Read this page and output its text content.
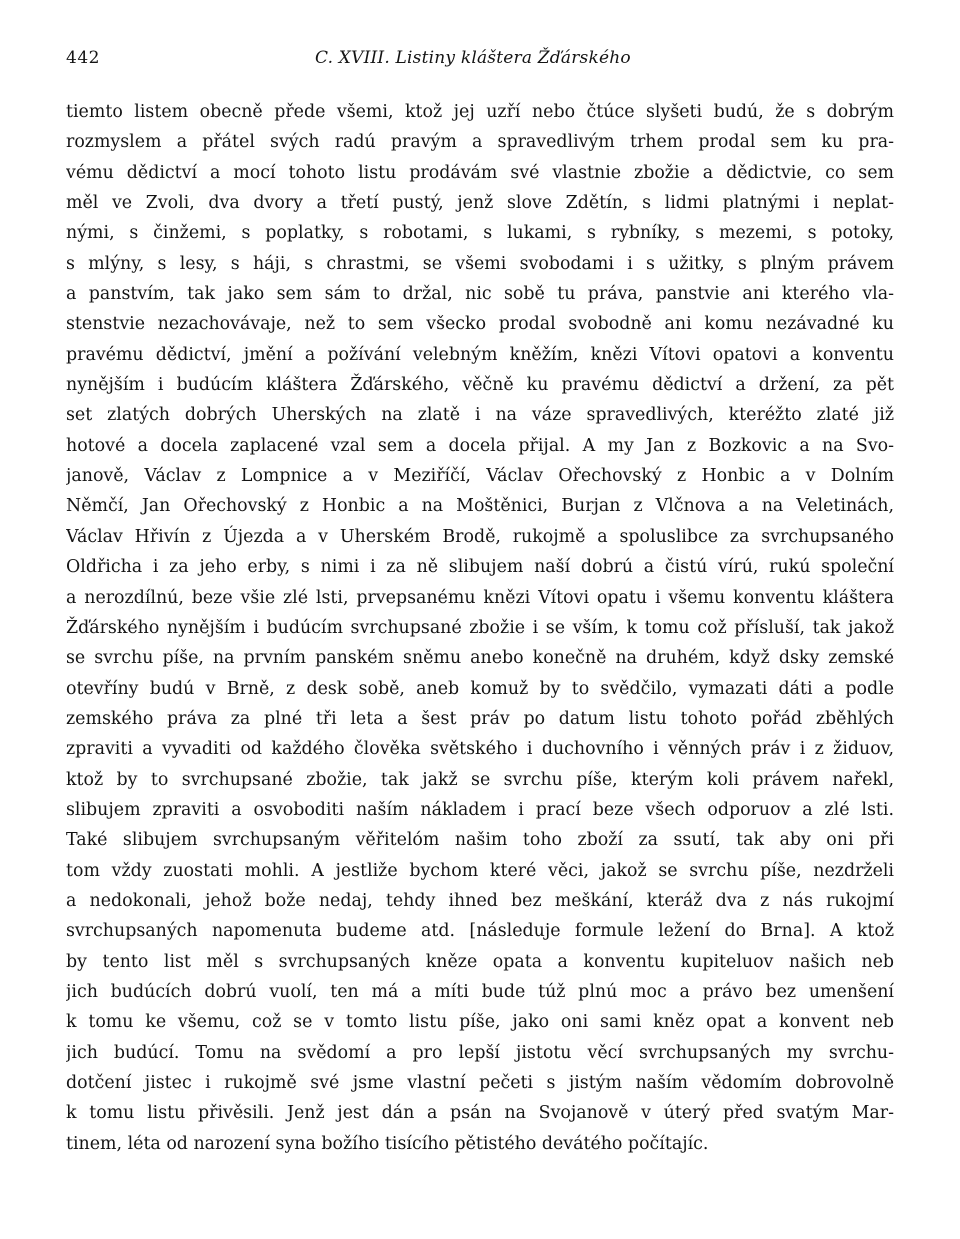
442	C. XVIII. Listiny kláštera Žďárského
tiemto listem obecně přede všemi, ktož jej uzří nebo čtúce slyšeti budú, že s dobrým
rozmyslem a přátel svých radú pravým a spravedlivým trhem prodal sem ku pra-
vému dědictví a mocí tohoto listu prodávám své vlastnie zbožie a dědictvie, co sem
měl ve Zvoli, dva dvory a třetí pustý, jenž slove Zdětín, s lidmi platnými i neplat-
nými, s činžemi, s poplatky, s robotami, s lukami, s rybníky, s mezemi, s potoky,
s mlýny, s lesy, s háji, s chrastmi, se všemi svobodami i s užitky, s plným právem
a panstvím, tak jako sem sám to držal, nic sobě tu práva, panstvie ani kterého vla-
stenstvie nezachovávaje, než to sem všecko prodal svobodně ani komu nezávadné ku
pravému dědictví, jmění a požívání velebným kněžím, knězi Vítovi opatovi a konventu
nynějším i budúcím kláštera Žďárského, věčně ku pravému dědictví a držení, za pět
set zlatých dobrých Uherských na zlatě i na váze spravedlivých, kteréžto zlaté již
hotové a docela zaplacené vzal sem a docela přijal. A my Jan z Bozkovic a na Svo-
janově, Václav z Lompnice a v Meziříčí, Václav Ořechovský z Honbic a v Dolním
Němčí, Jan Ořechovský z Honbic a na Moštěnici, Burjan z Vlčnova a na Veletinách,
Václav Hřivín z Újezda a v Uherském Brodě, rukojmě a spoluslibce za svrchupsaného
Oldřicha i za jeho erby, s nimi i za ně slibujem naší dobrú a čistú vírú, rukú společní
a nerozdílnú, beze všie zlé lsti, prvepsanému knězi Vítovi opatu i všemu konventu kláštera
Žďárského nynějším i budúcím svrchupsané zbožie i se vším, k tomu což přísluší, tak jakož
se svrchu píše, na prvním panském sněmu anebo konečně na druhém, když dsky zemské
otevříny budú v Brně, z desk sobě, aneb komuž by to svědčilo, vymazati dáti a podle
zemského práva za plné tři leta a šest práv po datum listu tohoto pořád zběhlých
zpraviti a vyvaditi od každého člověka světského i duchovního i věnných práv i z židuov,
ktož by to svrchupsané zbožie, tak jakž se svrchu píše, kterým koli právem nařekl,
slibujem zpraviti a osvoboditi naším nákladem i prací beze všech odporuov a zlé lsti.
Také slibujem svrchupsaným věřitelóm našim toho zboží za ssutí, tak aby oni při
tom vždy zuostati mohli. A jestliže bychom které věci, jakož se svrchu píše, nezdrželi
a nedokonali, jehož bože nedaj, tehdy ihned bez meškání, kteráž dva z nás rukojmí
svrchupsaných napomenuta budeme atd. [následuje formule ležení do Brna]. A ktož
by tento list měl s svrchupsaných kněze opata a konventu kupiteluov našich neb
jich budúcích dobrú vuolí, ten má a míti bude túž plnú moc a právo bez umenšení
k tomu ke všemu, což se v tomto listu píše, jako oni sami kněz opat a konvent neb
jich budúcí. Tomu na svědomí a pro lepší jistotu věcí svrchupsaných my svrchu-
dotčení jistec i rukojmě své jsme vlastní pečeti s jistým naším vědomím dobrovolně
k tomu listu přivěsili. Jenž jest dán a psán na Svojanově v úterý před svatým Mar-
tinem, léta od narození syna božího tisícího pětistého devátého počítajíc.
